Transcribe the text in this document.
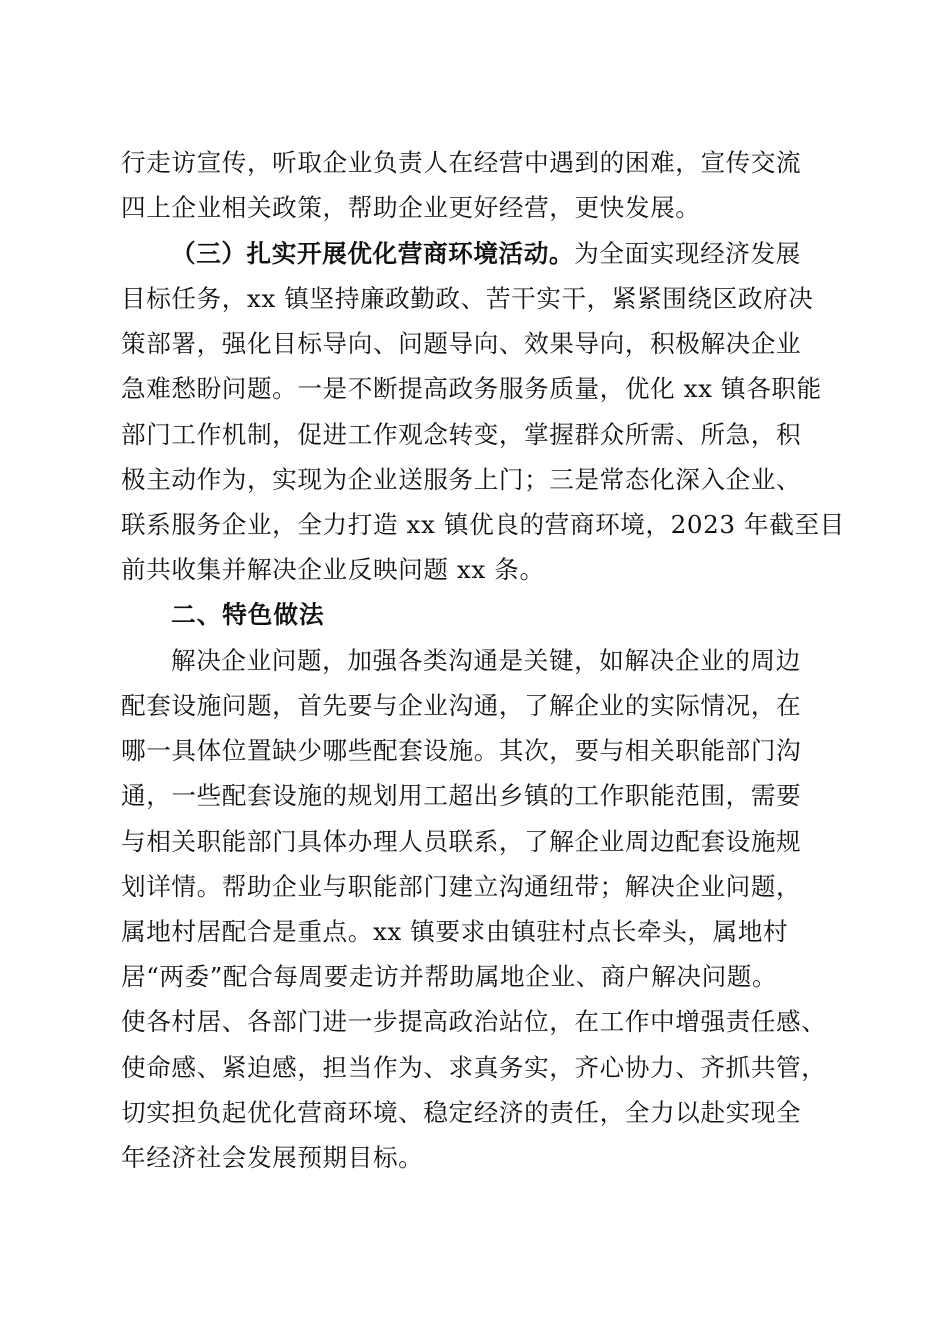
行走访宣传，听取企业负责人在经营中遇到的困难，宣传交流
四上企业相关政策，帮助企业更好经营，更快发展。
（三）扎实开展优化营商环境活动。为全面实现经济发展
目标任务，xx 镇坚持廉政勤政、苦干实干，紧紧围绕区政府决
策部署，强化目标导向、问题导向、效果导向，积极解决企业
急难愁盼问题。一是不断提高政务服务质量，优化 xx 镇各职能
部门工作机制，促进工作观念转变，掌握群众所需、所急，积
极主动作为，实现为企业送服务上门；三是常态化深入企业、
联系服务企业，全力打造 xx 镇优良的营商环境，2023 年截至目
前共收集并解决企业反映问题 xx 条。
二、特色做法
解决企业问题，加强各类沟通是关键，如解决企业的周边
配套设施问题，首先要与企业沟通，了解企业的实际情况，在
哪一具体位置缺少哪些配套设施。其次，要与相关职能部门沟
通，一些配套设施的规划用工超出乡镇的工作职能范围，需要
与相关职能部门具体办理人员联系，了解企业周边配套设施规
划详情。帮助企业与职能部门建立沟通纽带；解决企业问题，
属地村居配合是重点。xx 镇要求由镇驻村点长牵头，属地村
居“两委”配合每周要走访并帮助属地企业、商户解决问题。
使各村居、各部门进一步提高政治站位，在工作中增强责任感、
使命感、紧迫感，担当作为、求真务实，齐心协力、齐抓共管，
切实担负起优化营商环境、稳定经济的责任，全力以赴实现全
年经济社会发展预期目标。
